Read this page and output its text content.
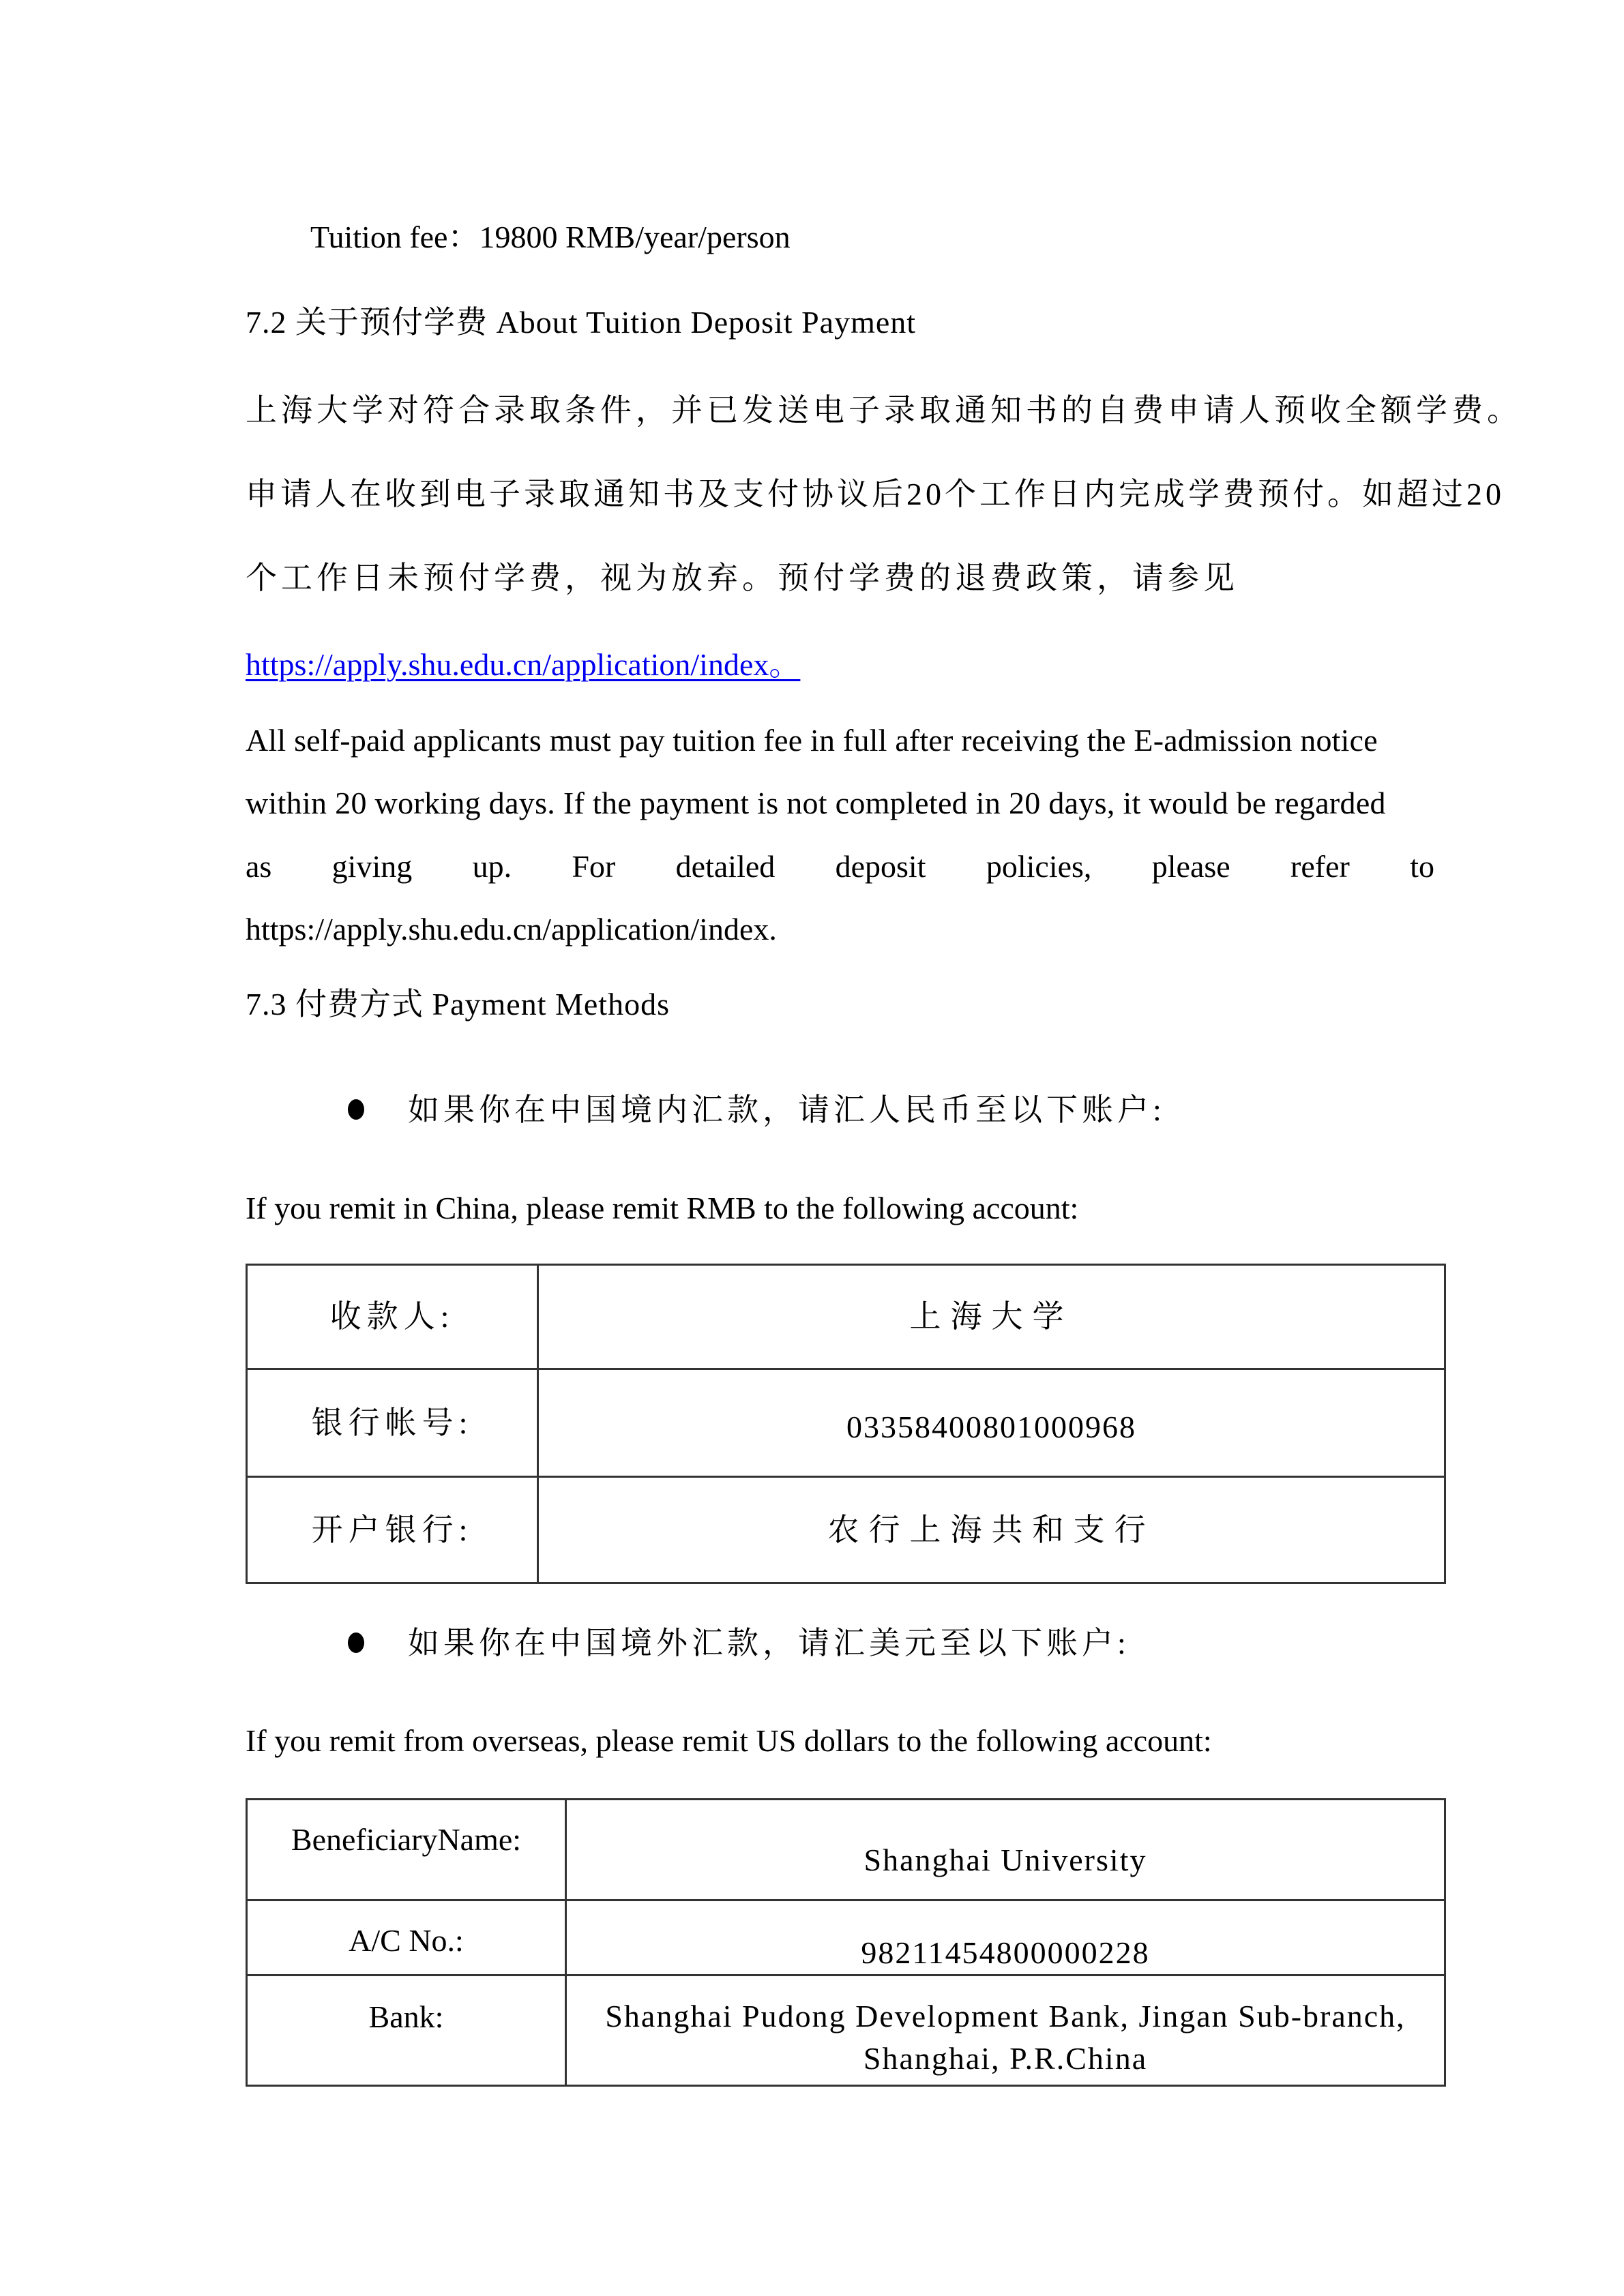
Tuition fee：19800 RMB/year/person
7.2 关于预付学费 About Tuition Deposit Payment
上海大学对符合录取条件，并已发送电子录取通知书的自费申请人预收全额学费。
申请人在收到电子录取通知书及支付协议后20个工作日内完成学费预付。如超过20
个工作日未预付学费，视为放弃。预付学费的退费政策，请参见
https://apply.shu.edu.cn/application/index。
All self-paid applicants must pay tuition fee in full after receiving the E-admission notice
within 20 working days. If the payment is not completed in 20 days, it would be regarded
as giving up. For detailed deposit policies, please refer to
https://apply.shu.edu.cn/application/index.
7.3 付费方式 Payment Methods
如果你在中国境内汇款，请汇人民币至以下账户:
If you remit in China, please remit RMB to the following account:
收款人:	上海大学
银行帐号:	03358400801000968
开户银行:	农行上海共和支行
如果你在中国境外汇款，请汇美元至以下账户:
If you remit from overseas, please remit US dollars to the following account:
BeneficiaryName:	Shanghai University
A/C No.:	98211454800000228
Bank:	Shanghai Pudong Development Bank, Jingan Sub-branch,
Shanghai, P.R.China
